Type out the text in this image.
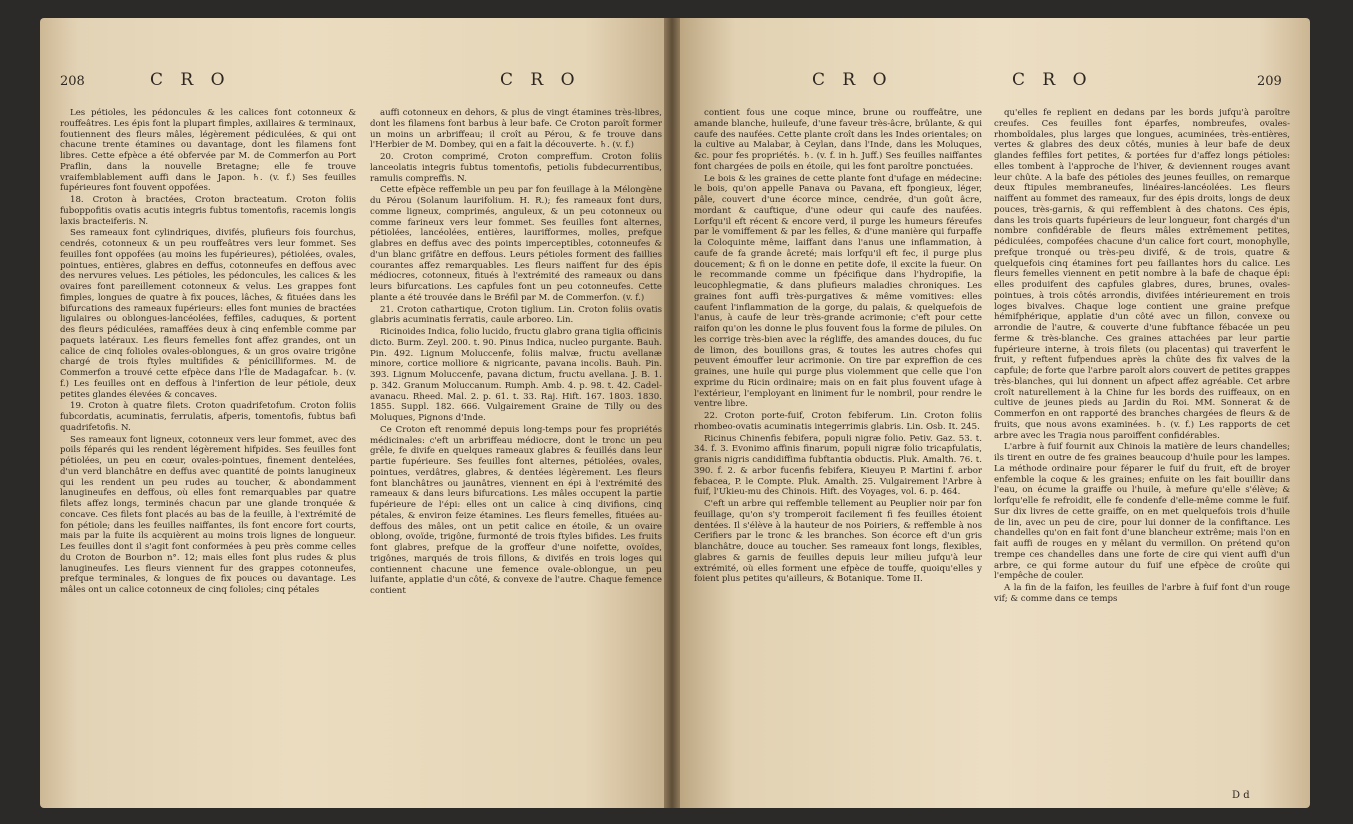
208	C R O	C R O

Les pétioles, les pédoncules & les calices font cotonneux & rouffeâtres. Les épis font la plupart fimples, axillaires & terminaux, foutiennent des fleurs mâles, légèrement pédiculées, & qui ont chacune trente étamines ou davantage, dont les filamens font libres. Cette efpèce a été obfervée par M. de Commerfon au Port Praflin, dans la nouvelle Bretagne; elle fe trouve vraifemblablement auffi dans le Japon. ♄. (v. f.) Ses feuilles fupérieures font fouvent oppofées.

18. Croton à bractées, Croton bracteatum. Croton foliis fuboppofitis ovatis acutis integris fubtus tomentofis, racemis longis laxis bracteiferis. N.

Ses rameaux font cylindriques, divifés, plufieurs fois fourchus, cendrés, cotonneux & un peu rouffeâtres vers leur fommet. Ses feuilles font oppofées (au moins les fupérieures), pétiolées, ovales, pointues, entières, glabres en deffus, cotonneufes en deffous avec des nervures velues. Les pétioles, les pédoncules, les calices & les ovaires font pareillement cotonneux & velus. Les grappes font fimples, longues de quatre à fix pouces, lâches, & fituées dans les bifurcations des rameaux fupérieurs: elles font munies de bractées ligulaires ou oblongues-lancéolées, feffiles, caduques, & portent des fleurs pédiculées, ramaffées deux à cinq enfemble comme par paquets latéraux. Les fleurs femelles font affez grandes, ont un calice de cinq folioles ovales-oblongues, & un gros ovaire trigône chargé de trois ftyles multifides & pénicilliformes. M. de Commerfon a trouvé cette efpèce dans l'Île de Madagafcar. ♄. (v. f.) Les feuilles ont en deffous à l'infertion de leur pétiole, deux petites glandes élevées & concaves.

19. Croton à quatre filets. Croton quadrifetofum. Croton foliis fubcordatis, acuminatis, ferrulatis, afperis, tomentofis, fubtus bafi quadrifetofis. N.

Ses rameaux font ligneux, cotonneux vers leur fommet, avec des poils féparés qui les rendent légèrement hifpides. Ses feuilles font pétiolées, un peu en cœur, ovales-pointues, finement dentelées, d'un verd blanchâtre en deffus avec quantité de points lanugineux qui les rendent un peu rudes au toucher, & abondamment lanugineufes en deffous, où elles font remarquables par quatre filets affez longs, terminés chacun par une glande tronquée & concave. Ces filets font placés au bas de la feuille, à l'extrémité de fon pétiole; dans les feuilles naiffantes, ils font encore fort courts, mais par la fuite ils acquièrent au moins trois lignes de longueur. Les feuilles dont il s'agit font conformées à peu près comme celles du Croton de Bourbon n°. 12; mais elles font plus rudes & plus lanugineufes. Les fleurs viennent fur des grappes cotonneufes, prefque terminales, & longues de fix pouces ou davantage. Les mâles ont un calice cotonneux de cinq folioles; cinq pétales

auffi cotonneux en dehors, & plus de vingt étamines très-libres, dont les filamens font barbus à leur bafe. Ce Croton paroît former un moins un arbriffeau; il croît au Pérou, & fe trouve dans l'Herbier de M. Dombey, qui en a fait la découverte. ♄. (v. f.)

20. Croton comprimé, Croton compreffum. Croton foliis lanceolatis integris fubtus tomentofis, petiolis fubdecurrentibus, ramulis compreffis. N.

Cette efpèce reffemble un peu par fon feuillage à la Mélongène du Pérou (Solanum laurifolium. H. R.); fes rameaux font durs, comme ligneux, comprimés, anguleux, & un peu cotonneux ou comme farineux vers leur fommet. Ses feuilles font alternes, pétiolées, lancéolées, entières, laurifformes, molles, prefque glabres en deffus avec des points imperceptibles, cotonneufes & d'un blanc grifâtre en deffous. Leurs pétioles forment des faillies courantes affez remarquables. Les fleurs naiffent fur des épis médiocres, cotonneux, fitués à l'extrémité des rameaux ou dans leurs bifurcations. Les capfules font un peu cotonneufes. Cette plante a été trouvée dans le Bréfil par M. de Commerfon. (v. f.)

21. Croton cathartique, Croton tiglium. Lin. Croton foliis ovatis glabris acuminatis ferratis, caule arboreo. Lin.

Ricinoides Indica, folio lucido, fructu glabro grana tiglia officinis dicto. Burm. Zeyl. 200. t. 90. Pinus Indica, nucleo purgante. Bauh. Pin. 492. Lignum Moluccenfe, foliis malvæ, fructu avellanæ minore, cortice molliore & nigricante, pavana incolis. Bauh. Pin. 393. Lignum Moluccenfe, pavana dictum, fructu avellana. J. B. 1. p. 342. Granum Moluccanum. Rumph. Amb. 4. p. 98. t. 42. Cadel-avanacu. Rheed. Mal. 2. p. 61. t. 33. Raj. Hift. 167. 1803. 1830. 1855. Suppl. 182. 666. Vulgairement Graine de Tilly ou des Moluques, Pignons d'Inde.

Ce Croton eft renommé depuis long-temps pour fes propriétés médicinales: c'eft un arbriffeau médiocre, dont le tronc un peu grêle, fe divife en quelques rameaux glabres & feuillés dans leur partie fupérieure. Ses feuilles font alternes, pétiolées, ovales, pointues, verdâtres, glabres, & dentées légèrement. Les fleurs font blanchâtres ou jaunâtres, viennent en épi à l'extrémité des rameaux & dans leurs bifurcations. Les mâles occupent la partie fupérieure de l'épi: elles ont un calice à cinq divifions, cinq pétales, & environ feize étamines. Les fleurs femelles, fituées au-deffous des mâles, ont un petit calice en étoile, & un ovaire oblong, ovoïde, trigône, furmonté de trois ftyles bifides. Les fruits font glabres, prefque de la groffeur d'une noifette, ovoïdes, trigônes, marqués de trois fillons, & divifés en trois loges qui contiennent chacune une femence ovale-oblongue, un peu luifante, applatie d'un côté, & convexe de l'autre. Chaque femence contient

C R O	C R O	209

contient fous une coque mince, brune ou rouffeâtre, une amande blanche, huileufe, d'une faveur très-âcre, brûlante, & qui caufe des naufées. Cette plante croît dans les Indes orientales; on la cultive au Malabar, à Ceylan, dans l'Inde, dans les Moluques, &c. pour fes propriétés. ♄. (v. f. in h. Juff.) Ses feuilles naiffantes font chargées de poils en étoile, qui les font paroître ponctuées.

Le bois & les graines de cette plante font d'ufage en médecine: le bois, qu'on appelle Panava ou Pavana, eft fpongieux, léger, pâle, couvert d'une écorce mince, cendrée, d'un goût âcre, mordant & cauftique, d'une odeur qui caufe des naufées. Lorfqu'il eft récent & encore verd, il purge les humeurs féreufes par le vomiffement & par les felles, & d'une manière qui furpaffe la Coloquinte même, laiffant dans l'anus une inflammation, à caufe de fa grande âcreté; mais lorfqu'il eft fec, il purge plus doucement; & fi on le donne en petite dofe, il excite la fueur. On le recommande comme un fpécifique dans l'hydropifie, la leucophlegmatie, & dans plufieurs maladies chroniques. Les graines font auffi très-purgatives & même vomitives: elles caufent l'inflammation de la gorge, du palais, & quelquefois de l'anus, à caufe de leur très-grande acrimonie; c'eft pour cette raifon qu'on les donne le plus fouvent fous la forme de pilules. On les corrige très-bien avec la régliffe, des amandes douces, du fuc de limon, des bouillons gras, & toutes les autres chofes qui peuvent émouffer leur acrimonie. On tire par expreffion de ces graines, une huile qui purge plus violemment que celle que l'on exprime du Ricin ordinaire; mais on en fait plus fouvent ufage à l'extérieur, l'employant en liniment fur le nombril, pour rendre le ventre libre.

22. Croton porte-fuif, Croton febiferum. Lin. Croton foliis rhombeo-ovatis acuminatis integerrimis glabris. Lin. Osb. It. 245.

Ricinus Chinenfis febifera, populi nigræ folio. Petiv. Gaz. 53. t. 34. f. 3. Evonimo affinis finarum, populi nigræ folio tricapfulatis, granis nigris candidiffima fubftantia obductis. Pluk. Amalth. 76. t. 390. f. 2. & arbor fucenfis febifera, Kieuyeu P. Martini f. arbor febacea, P. le Compte. Pluk. Amalth. 25. Vulgairement l'Arbre à fuif, l'Ukieu-mu des Chinois. Hift. des Voyages, vol. 6. p. 464.

C'eft un arbre qui reffemble tellement au Peuplier noir par fon feuillage, qu'on s'y tromperoit facilement fi fes feuilles étoient dentées. Il s'élève à la hauteur de nos Poiriers, & reffemble à nos Cerifiers par le tronc & les branches. Son écorce eft d'un gris blanchâtre, douce au toucher. Ses rameaux font longs, flexibles, glabres & garnis de feuilles depuis leur milieu jufqu'à leur extrémité, où elles forment une efpèce de touffe, quoiqu'elles y foient plus petites qu'ailleurs, & Botanique. Tome II.

qu'elles fe replient en dedans par les bords jufqu'à paroître creufes. Ces feuilles font éparfes, nombreufes, ovales-rhomboïdales, plus larges que longues, acuminées, très-entières, vertes & glabres des deux côtés, munies à leur bafe de deux glandes feffiles fort petites, & portées fur d'affez longs pétioles: elles tombent à l'approche de l'hiver, & deviennent rouges avant leur chûte. A la bafe des pétioles des jeunes feuilles, on remarque deux ftipules membraneufes, linéaires-lancéolées. Les fleurs naiffent au fommet des rameaux, fur des épis droits, longs de deux pouces, très-garnis, & qui reffemblent à des chatons. Ces épis, dans les trois quarts fupérieurs de leur longueur, font chargés d'un nombre confidérable de fleurs mâles extrêmement petites, pédiculées, compofées chacune d'un calice fort court, monophylle, prefque tronqué ou très-peu divifé, & de trois, quatre & quelquefois cinq étamines fort peu faillantes hors du calice. Les fleurs femelles viennent en petit nombre à la bafe de chaque épi: elles produifent des capfules glabres, dures, brunes, ovales-pointues, à trois côtés arrondis, divifées intérieurement en trois loges bivalves. Chaque loge contient une graine prefque hémifphérique, applatie d'un côté avec un fillon, convexe ou arrondie de l'autre, & couverte d'une fubftance fébacée un peu ferme & très-blanche. Ces graines attachées par leur partie fupérieure interne, à trois filets (ou placentas) qui traverfent le fruit, y reftent fufpendues après la chûte des fix valves de la capfule; de forte que l'arbre paroît alors couvert de petites grappes très-blanches, qui lui donnent un afpect affez agréable. Cet arbre croît naturellement à la Chine fur les bords des ruiffeaux, on en cultive de jeunes pieds au Jardin du Roi. MM. Sonnerat & de Commerfon en ont rapporté des branches chargées de fleurs & de fruits, que nous avons examinées. ♄. (v. f.) Les rapports de cet arbre avec les Tragia nous paroiffent confidérables.

L'arbre à fuif fournit aux Chinois la matière de leurs chandelles; ils tirent en outre de fes graines beaucoup d'huile pour les lampes. La méthode ordinaire pour féparer le fuif du fruit, eft de broyer enfemble la coque & les graines; enfuite on les fait bouillir dans l'eau, on écume la graiffe ou l'huile, à mefure qu'elle s'élève; & lorfqu'elle fe refroidit, elle fe condenfe d'elle-même comme le fuif. Sur dix livres de cette graiffe, on en met quelquefois trois d'huile de lin, avec un peu de cire, pour lui donner de la confiftance. Les chandelles qu'on en fait font d'une blancheur extrême; mais l'on en fait auffi de rouges en y mêlant du vermillon. On prétend qu'on trempe ces chandelles dans une forte de cire qui vient auffi d'un arbre, ce qui forme autour du fuif une efpèce de croûte qui l'empêche de couler.

A la fin de la faifon, les feuilles de l'arbre à fuif font d'un rouge vif; & comme dans ce temps

D d
